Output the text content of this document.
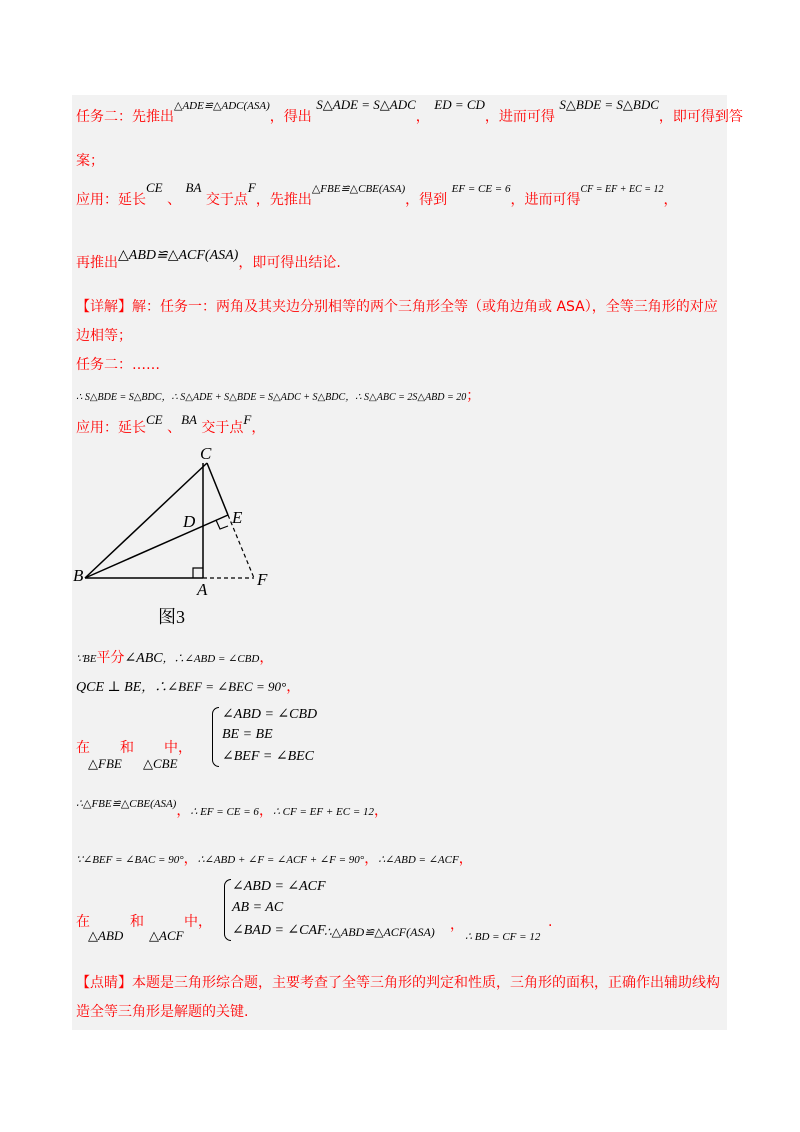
任务二：先推出$^{\triangle ADE≌\triangle ADC(ASA)}$，得出 S△ADE = S△ADC， ED = CD，进而可得 S△BDE = S△BDC，即可得到答
案；
应用：延长CE 、 BA 交于点F，先推出$^{\triangle FBE≌\triangle CBE(ASA)}$，得到 $^{EF = CE = 6}$，进而可得$^{CF = EF + EC = 12}$，
再推出△ABD≌△ACF(ASA)，即可得出结论.
【详解】解：任务一：两角及其夹边分别相等的两个三角形全等（或角边角或 ASA），全等三角形的对应
边相等；
任务二：……
∴ S△BDE = S△BDC，∴ S△ADE + S△BDE = S△ADC + S△BDC，∴ S△ABC = 2S△ABD = 20；
应用：延长CE 、BA 交于点F，
C
D E
B
A
F
图3
∵BE平分∠ABC，∴∠ABD = ∠CBD，
QCE ⊥ BE，∴∠BEF = ∠BEC = 90°，
在 和 中，
△FBE △CBE
∠ABD = ∠CBD
BE = BE
∠BEF = ∠BEC
$^{\therefore\triangle FBE≌\triangle CBE(ASA)}$，∴ EF = CE = 6，∴ CF = EF + EC = 12，
∵∠BEF = ∠BAC = 90°，∴∠ABD + ∠F = ∠ACF + ∠F = 90°，∴∠ABD = ∠ACF，
在	和	中，
△ABD △ACF
∠ABD = ∠ACF
AB = AC
∠BAD = ∠CAF
∴△ABD≌△ACF(ASA) ，
∴ BD = CF = 12
.
【点睛】本题是三角形综合题，主要考查了全等三角形的判定和性质，三角形的面积，正确作出辅助线构
造全等三角形是解题的关键.
